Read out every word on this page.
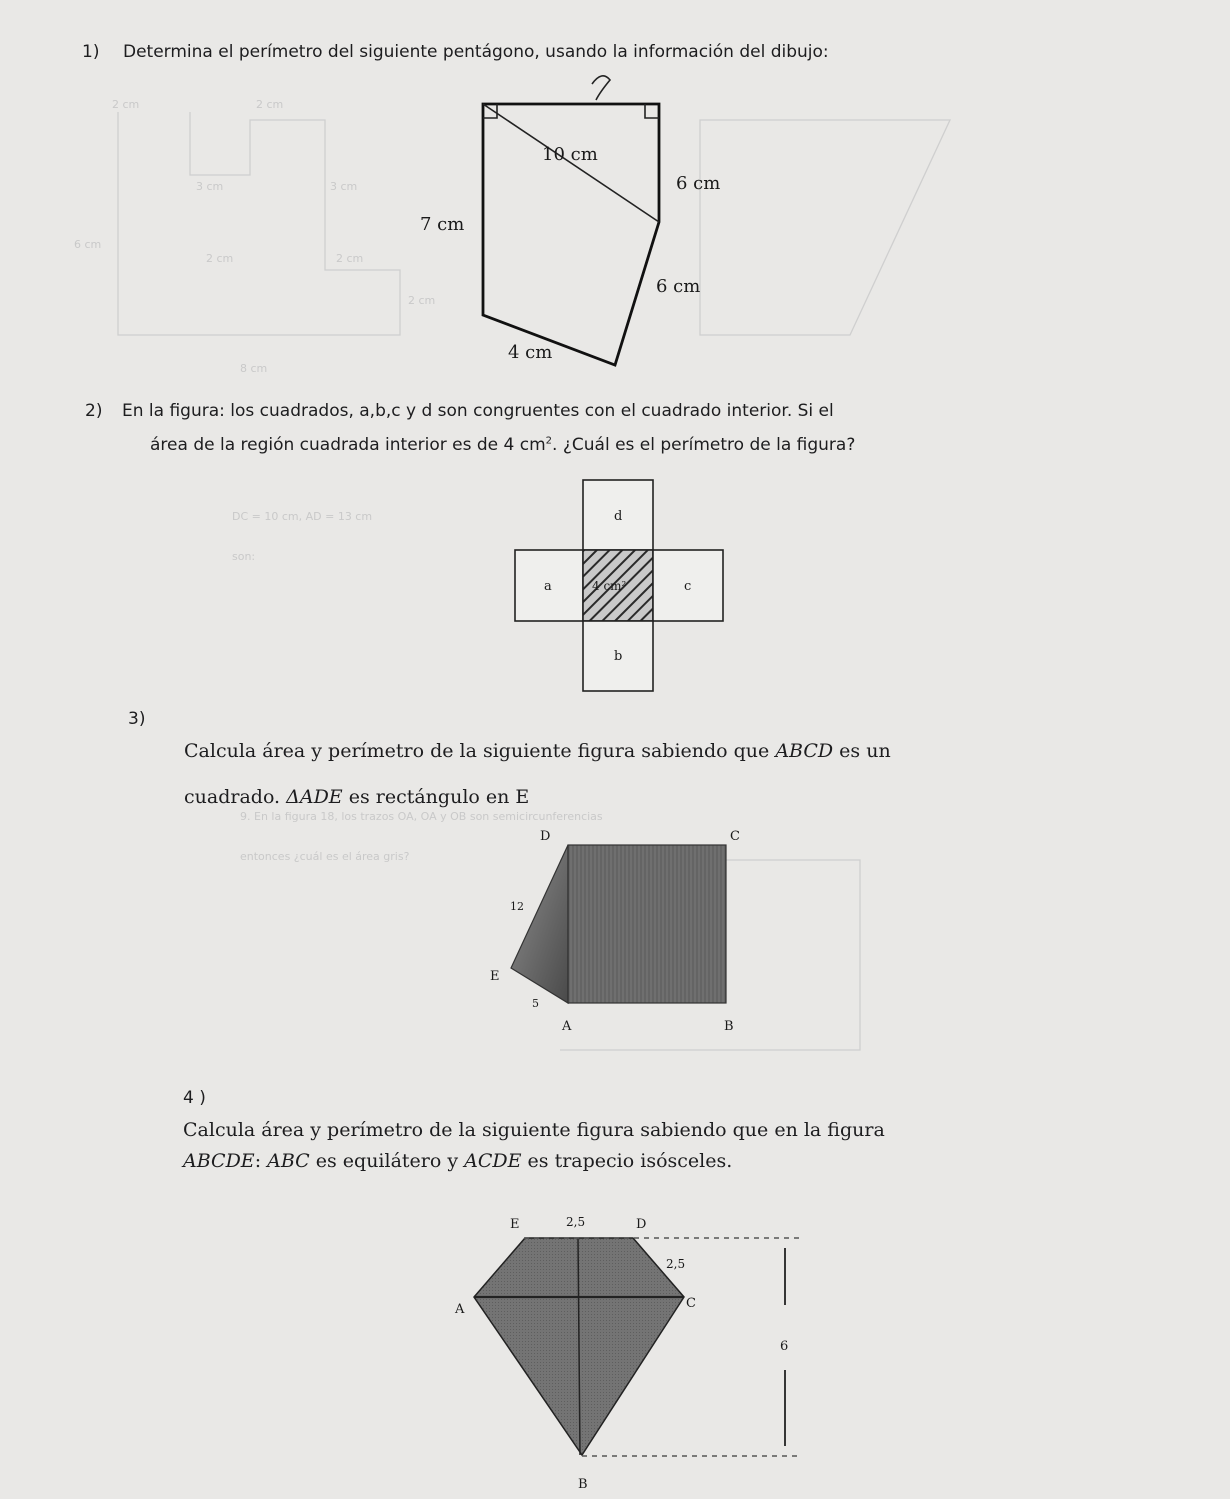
2 cm	2 cm
3 cm
6 cm
2 cm
3 cm
2 cm
2 cm
8 cm
DC = 10 cm, AD = 13 cm
son:
9. En la figura 18, los trazos OA, OA y OB son semicircunferencias
entonces ¿cuál es el área gris?
1) Determina el perímetro del siguiente pentágono, usando la información del dibujo:
10 cm
6 cm
7 cm
6 cm
4 cm
2) En la figura: los cuadrados, a,b,c y d son congruentes con el cuadrado interior. Si el
área de la región cuadrada interior es de 4 $cm^2$. ¿Cuál es el perímetro de la figura?
d
a	4 cm²	c
b
3)
Calcula área y perímetro de la siguiente figura sabiendo que ABCD es un
cuadrado. ΔADE es rectángulo en E
D	C
12
E
5
A	B
4 )
Calcula área y perímetro de la siguiente figura sabiendo que en la figura
ABCDE: ABC es equilátero y ACDE es trapecio isósceles.
E	2,5	D
2,5
A	C
6
B
